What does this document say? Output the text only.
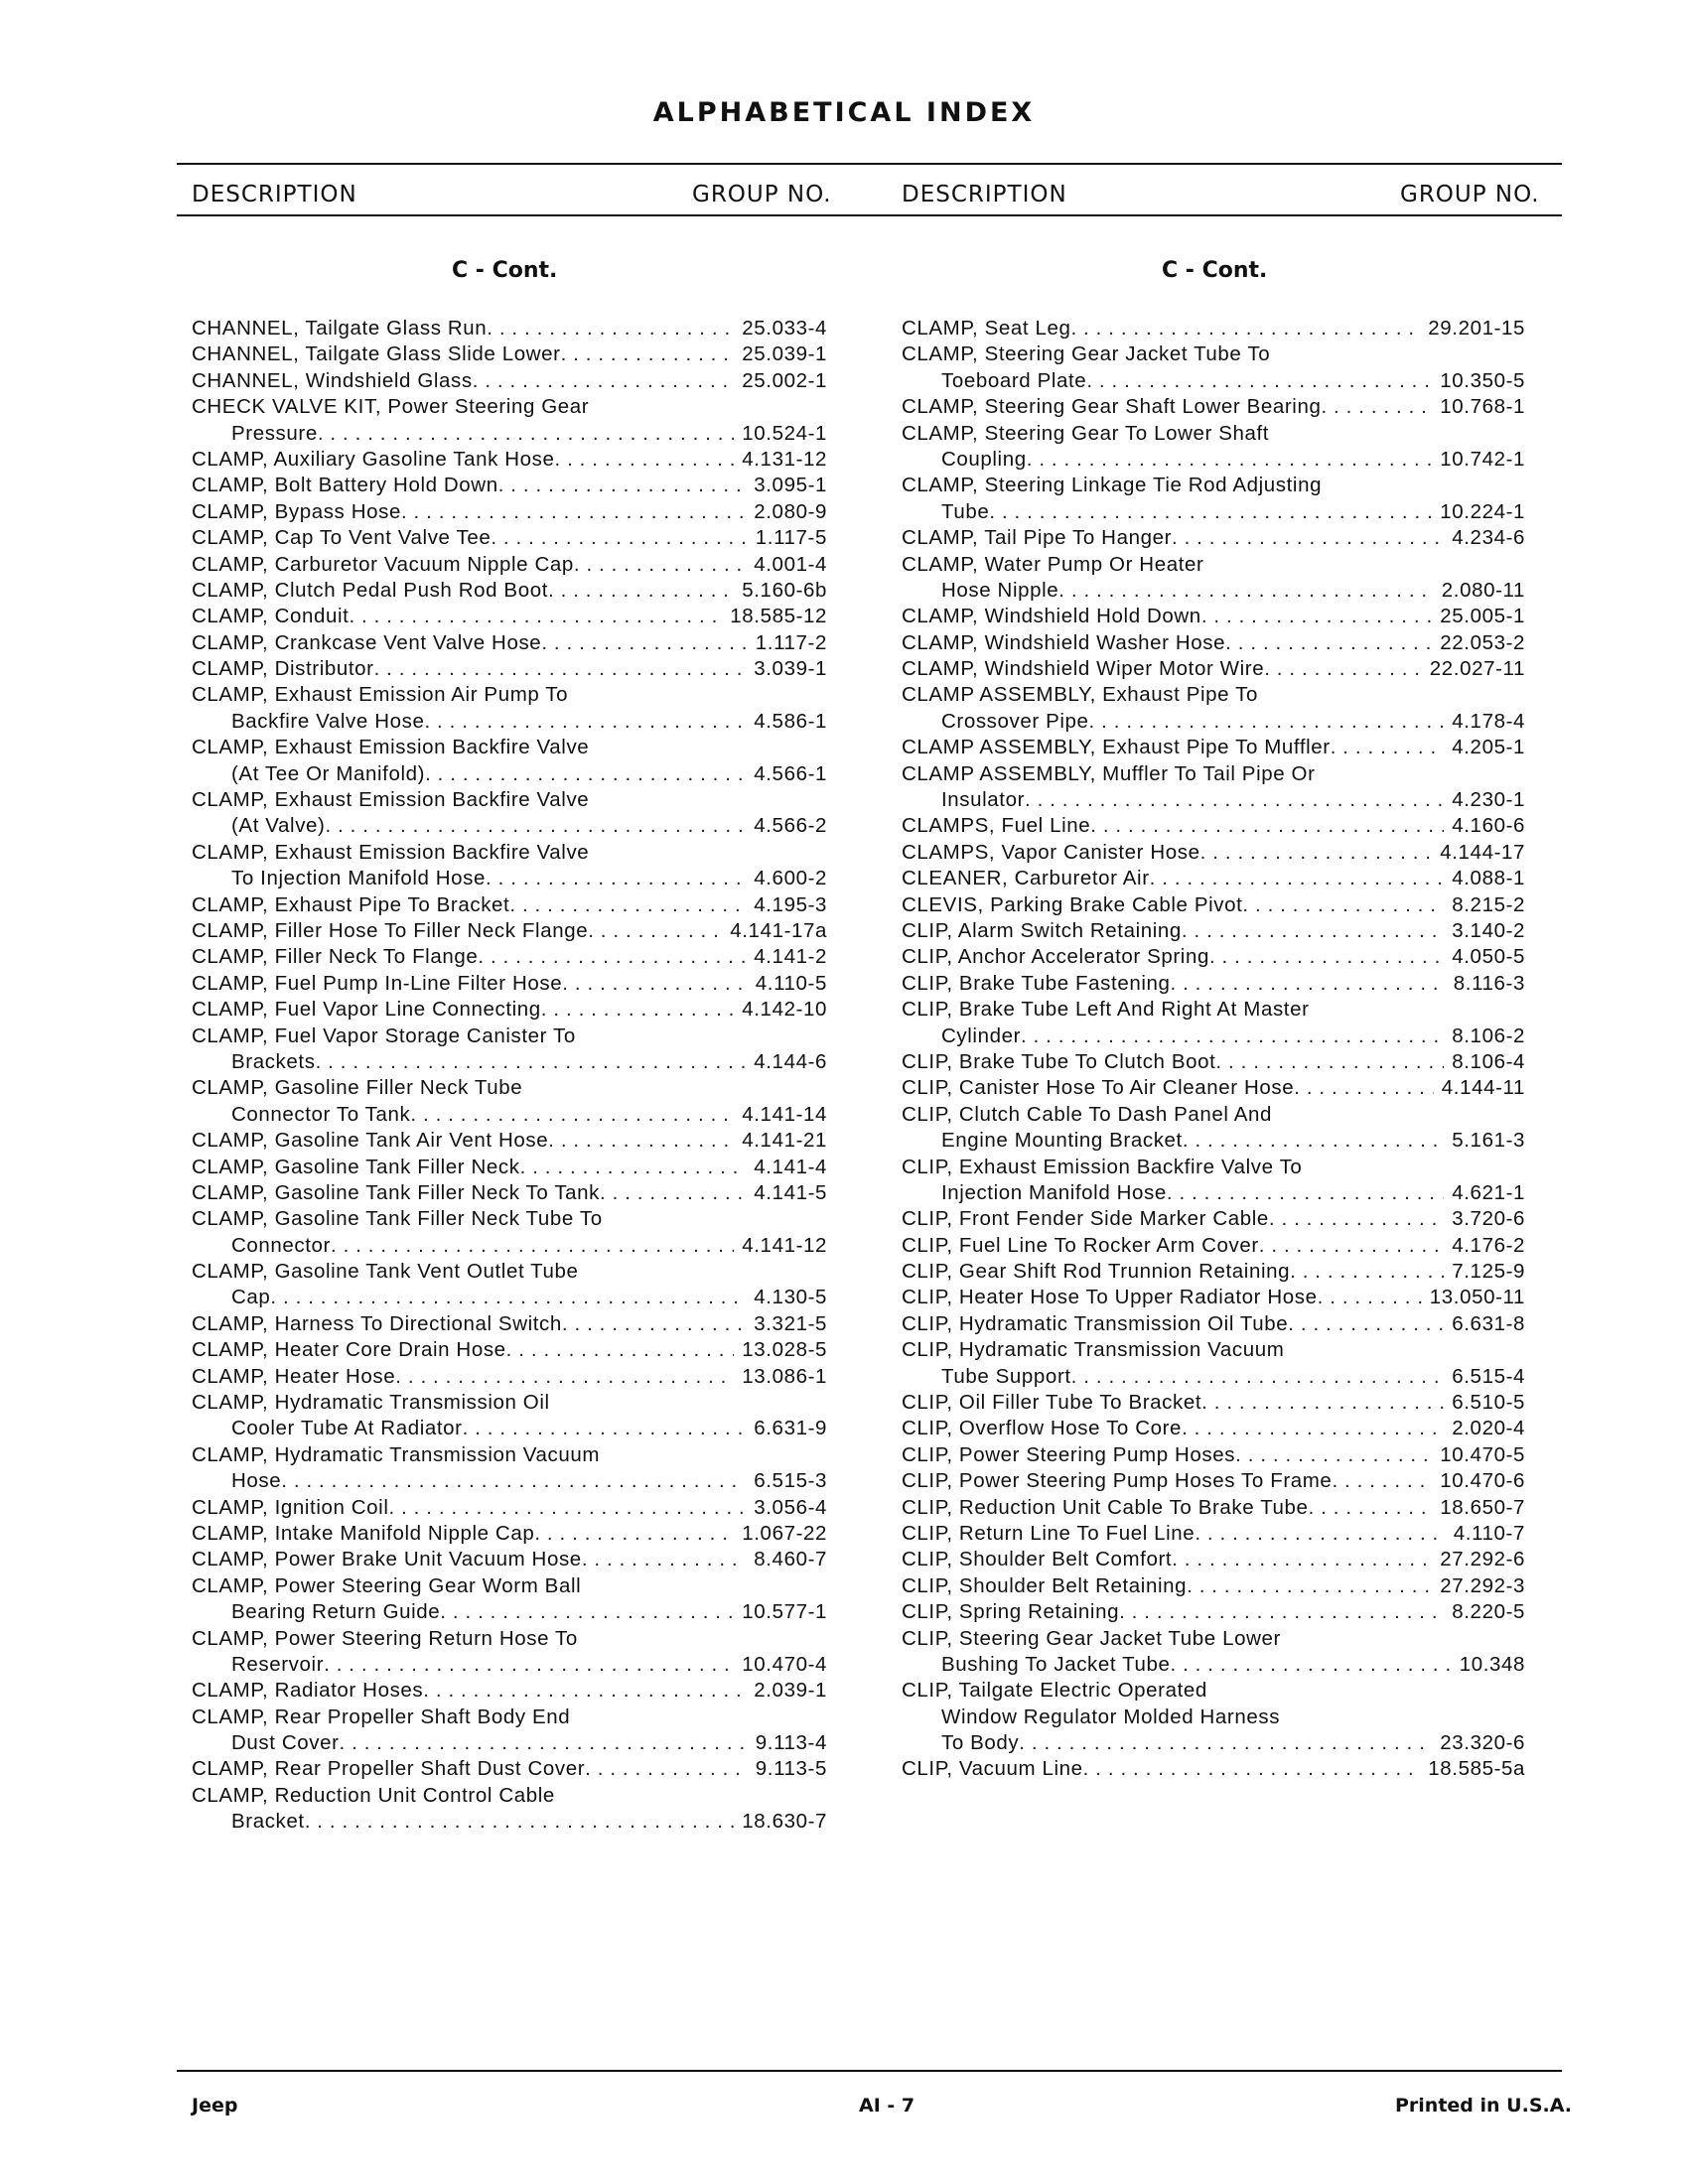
ALPHABETICAL INDEX
DESCRIPTION	GROUP NO.	DESCRIPTION	GROUP NO.
C - Cont.	C - Cont.
CHANNEL, Tailgate Glass Run . . .	25.033-4
CHANNEL, Tailgate Glass Slide Lower . . .	25.039-1
CHANNEL, Windshield Glass . . .	25.002-1
CHECK VALVE KIT, Power Steering Gear
Pressure . . .	10.524-1
CLAMP, Auxiliary Gasoline Tank Hose . . .	4.131-12
CLAMP, Bolt Battery Hold Down . . .	3.095-1
CLAMP, Bypass Hose . . .	2.080-9
CLAMP, Cap To Vent Valve Tee . . .	1.117-5
CLAMP, Carburetor Vacuum Nipple Cap . . .	4.001-4
CLAMP, Clutch Pedal Push Rod Boot . . .	5.160-6b
CLAMP, Conduit . . .	18.585-12
CLAMP, Crankcase Vent Valve Hose . . .	1.117-2
CLAMP, Distributor . . .	3.039-1
CLAMP, Exhaust Emission Air Pump To
Backfire Valve Hose . . .	4.586-1
CLAMP, Exhaust Emission Backfire Valve
(At Tee Or Manifold) . . .	4.566-1
CLAMP, Exhaust Emission Backfire Valve
(At Valve) . . .	4.566-2
CLAMP, Exhaust Emission Backfire Valve
To Injection Manifold Hose . . .	4.600-2
CLAMP, Exhaust Pipe To Bracket . . .	4.195-3
CLAMP, Filler Hose To Filler Neck Flange . . .	4.141-17a
CLAMP, Filler Neck To Flange . . .	4.141-2
CLAMP, Fuel Pump In-Line Filter Hose . . .	4.110-5
CLAMP, Fuel Vapor Line Connecting . . .	4.142-10
CLAMP, Fuel Vapor Storage Canister To
Brackets . . .	4.144-6
CLAMP, Gasoline Filler Neck Tube
Connector To Tank . . .	4.141-14
CLAMP, Gasoline Tank Air Vent Hose . . .	4.141-21
CLAMP, Gasoline Tank Filler Neck . . .	4.141-4
CLAMP, Gasoline Tank Filler Neck To Tank . . .	4.141-5
CLAMP, Gasoline Tank Filler Neck Tube To
Connector . . .	4.141-12
CLAMP, Gasoline Tank Vent Outlet Tube
Cap . . .	4.130-5
CLAMP, Harness To Directional Switch . . .	3.321-5
CLAMP, Heater Core Drain Hose . . .	13.028-5
CLAMP, Heater Hose . . .	13.086-1
CLAMP, Hydramatic Transmission Oil
Cooler Tube At Radiator . . .	6.631-9
CLAMP, Hydramatic Transmission Vacuum
Hose . . .	6.515-3
CLAMP, Ignition Coil . . .	3.056-4
CLAMP, Intake Manifold Nipple Cap . . .	1.067-22
CLAMP, Power Brake Unit Vacuum Hose . . .	8.460-7
CLAMP, Power Steering Gear Worm Ball
Bearing Return Guide . . .	10.577-1
CLAMP, Power Steering Return Hose To
Reservoir . . .	10.470-4
CLAMP, Radiator Hoses . . .	2.039-1
CLAMP, Rear Propeller Shaft Body End
Dust Cover . . .	9.113-4
CLAMP, Rear Propeller Shaft Dust Cover . . .	9.113-5
CLAMP, Reduction Unit Control Cable
Bracket . . .	18.630-7
CLAMP, Seat Leg . . .	29.201-15
CLAMP, Steering Gear Jacket Tube To
Toeboard Plate . . .	10.350-5
CLAMP, Steering Gear Shaft Lower Bearing . . .	10.768-1
CLAMP, Steering Gear To Lower Shaft
Coupling . . .	10.742-1
CLAMP, Steering Linkage Tie Rod Adjusting
Tube . . .	10.224-1
CLAMP, Tail Pipe To Hanger . . .	4.234-6
CLAMP, Water Pump Or Heater
Hose Nipple . . .	2.080-11
CLAMP, Windshield Hold Down . . .	25.005-1
CLAMP, Windshield Washer Hose . . .	22.053-2
CLAMP, Windshield Wiper Motor Wire . . .	22.027-11
CLAMP ASSEMBLY, Exhaust Pipe To
Crossover Pipe . . .	4.178-4
CLAMP ASSEMBLY, Exhaust Pipe To Muffler . . .	4.205-1
CLAMP ASSEMBLY, Muffler To Tail Pipe Or
Insulator . . .	4.230-1
CLAMPS, Fuel Line . . .	4.160-6
CLAMPS, Vapor Canister Hose . . .	4.144-17
CLEANER, Carburetor Air . . .	4.088-1
CLEVIS, Parking Brake Cable Pivot . . .	8.215-2
CLIP, Alarm Switch Retaining . . .	3.140-2
CLIP, Anchor Accelerator Spring . . .	4.050-5
CLIP, Brake Tube Fastening . . .	8.116-3
CLIP, Brake Tube Left And Right At Master
Cylinder . . .	8.106-2
CLIP, Brake Tube To Clutch Boot . . .	8.106-4
CLIP, Canister Hose To Air Cleaner Hose . . .	4.144-11
CLIP, Clutch Cable To Dash Panel And
Engine Mounting Bracket . . .	5.161-3
CLIP, Exhaust Emission Backfire Valve To
Injection Manifold Hose . . .	4.621-1
CLIP, Front Fender Side Marker Cable . . .	3.720-6
CLIP, Fuel Line To Rocker Arm Cover . . .	4.176-2
CLIP, Gear Shift Rod Trunnion Retaining . . .	7.125-9
CLIP, Heater Hose To Upper Radiator Hose . . .	13.050-11
CLIP, Hydramatic Transmission Oil Tube . . .	6.631-8
CLIP, Hydramatic Transmission Vacuum
Tube Support . . .	6.515-4
CLIP, Oil Filler Tube To Bracket . . .	6.510-5
CLIP, Overflow Hose To Core . . .	2.020-4
CLIP, Power Steering Pump Hoses . . .	10.470-5
CLIP, Power Steering Pump Hoses To Frame . . .	10.470-6
CLIP, Reduction Unit Cable To Brake Tube . . .	18.650-7
CLIP, Return Line To Fuel Line . . .	4.110-7
CLIP, Shoulder Belt Comfort . . .	27.292-6
CLIP, Shoulder Belt Retaining . . .	27.292-3
CLIP, Spring Retaining . . .	8.220-5
CLIP, Steering Gear Jacket Tube Lower
Bushing To Jacket Tube . . .	10.348
CLIP, Tailgate Electric Operated
Window Regulator Molded Harness
To Body . . .	23.320-6
CLIP, Vacuum Line . . .	18.585-5a
Jeep	AI - 7	Printed in U.S.A.
